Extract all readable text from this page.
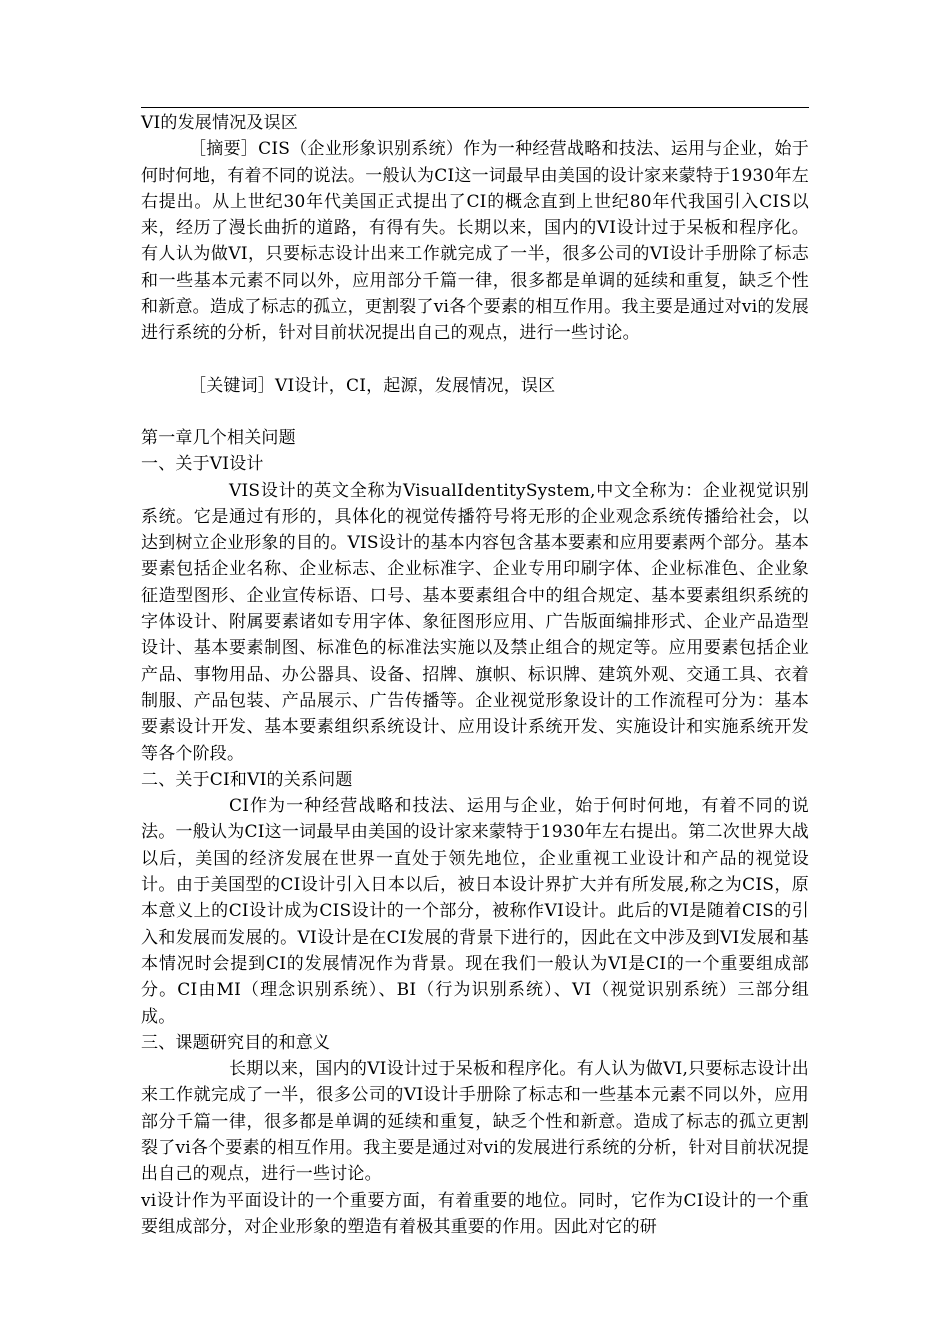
VI的发展情况及误区

［摘要］CIS（企业形象识别系统）作为一种经营战略和技法、运用与企业，始于何时何地，有着不同的说法。一般认为CI这一词最早由美国的设计家来蒙特于1930年左右提出。从上世纪30年代美国正式提出了CI的概念直到上世纪80年代我国引入CIS以来，经历了漫长曲折的道路，有得有失。长期以来，国内的VI设计过于呆板和程序化。有人认为做VI，只要标志设计出来工作就完成了一半，很多公司的VI设计手册除了标志和一些基本元素不同以外，应用部分千篇一律，很多都是单调的延续和重复，缺乏个性和新意。造成了标志的孤立，更割裂了vi各个要素的相互作用。我主要是通过对vi的发展进行系统的分析，针对目前状况提出自己的观点，进行一些讨论。

［关键词］VI设计，CI，起源，发展情况，误区

第一章几个相关问题

一、关于VI设计

VIS设计的英文全称为VisualIdentitySystem,中文全称为：企业视觉识别系统。它是通过有形的，具体化的视觉传播符号将无形的企业观念系统传播给社会，以达到树立企业形象的目的。VIS设计的基本内容包含基本要素和应用要素两个部分。基本要素包括企业名称、企业标志、企业标准字、企业专用印刷字体、企业标准色、企业象征造型图形、企业宣传标语、口号、基本要素组合中的组合规定、基本要素组织系统的字体设计、附属要素诸如专用字体、象征图形应用、广告版面编排形式、企业产品造型设计、基本要素制图、标准色的标准法实施以及禁止组合的规定等。应用要素包括企业产品、事物用品、办公器具、设备、招牌、旗帜、标识牌、建筑外观、交通工具、衣着制服、产品包装、产品展示、广告传播等。企业视觉形象设计的工作流程可分为：基本要素设计开发、基本要素组织系统设计、应用设计系统开发、实施设计和实施系统开发等各个阶段。

二、关于CI和VI的关系问题

CI作为一种经营战略和技法、运用与企业，始于何时何地，有着不同的说法。一般认为CI这一词最早由美国的设计家来蒙特于1930年左右提出。第二次世界大战以后，美国的经济发展在世界一直处于领先地位，企业重视工业设计和产品的视觉设计。由于美国型的CI设计引入日本以后，被日本设计界扩大并有所发展,称之为CIS，原本意义上的CI设计成为CIS设计的一个部分，被称作VI设计。此后的VI是随着CIS的引入和发展而发展的。VI设计是在CI发展的背景下进行的，因此在文中涉及到VI发展和基本情况时会提到CI的发展情况作为背景。现在我们一般认为VI是CI的一个重要组成部分。CI由MI（理念识别系统）、BI（行为识别系统）、VI（视觉识别系统）三部分组成。

三、课题研究目的和意义

长期以来，国内的VI设计过于呆板和程序化。有人认为做VI,只要标志设计出来工作就完成了一半，很多公司的VI设计手册除了标志和一些基本元素不同以外，应用部分千篇一律，很多都是单调的延续和重复，缺乏个性和新意。造成了标志的孤立更割裂了vi各个要素的相互作用。我主要是通过对vi的发展进行系统的分析，针对目前状况提出自己的观点，进行一些讨论。

vi设计作为平面设计的一个重要方面，有着重要的地位。同时，它作为CI设计的一个重要组成部分，对企业形象的塑造有着极其重要的作用。因此对它的研
